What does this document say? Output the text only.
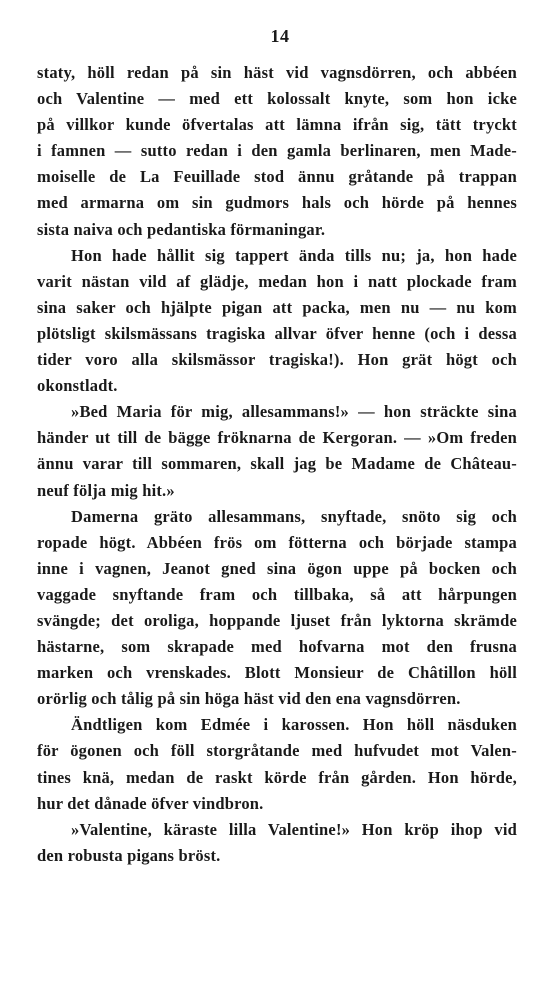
14
staty, höll redan på sin häst vid vagnsdörren, och abbéen
och Valentine — med ett kolossalt knyte, som hon icke
på villkor kunde öfvertalas att lämna ifrån sig, tätt tryckt
i famnen — sutto redan i den gamla berlinaren, men Made-
moiselle de La Feuillade stod ännu gråtande på trappan
med armarna om sin gudmors hals och hörde på hennes
sista naiva och pedantiska förmaningar.
Hon hade hållit sig tappert ända tills nu; ja, hon hade
varit nästan vild af glädje, medan hon i natt plockade fram
sina saker och hjälpte pigan att packa, men nu — nu kom
plötsligt skilsmässans tragiska allvar öfver henne (och i dessa
tider voro alla skilsmässor tragiska!). Hon grät högt och
okonstladt.
»Bed Maria för mig, allesammans!» — hon sträckte sina
händer ut till de bägge fröknarna de Kergoran. — »Om freden
ännu varar till sommaren, skall jag be Madame de Château-
neuf följa mig hit.»
Damerna gräto allesammans, snyftade, snöto sig och
ropade högt. Abbéen frös om fötterna och började stampa
inne i vagnen, Jeanot gned sina ögon uppe på bocken och
vaggade snyftande fram och tillbaka, så att hårpungen
svängde; det oroliga, hoppande ljuset från lyktorna skrämde
hästarne, som skrapade med hofvarna mot den frusna
marken och vrenskades. Blott Monsieur de Châtillon höll
orörlig och tålig på sin höga häst vid den ena vagnsdörren.
Ändtligen kom Edmée i karossen. Hon höll näsduken
för ögonen och föll storgråtande med hufvudet mot Valen-
tines knä, medan de raskt körde från gården. Hon hörde,
hur det dånade öfver vindbron.
»Valentine, käraste lilla Valentine!» Hon kröp ihop vid
den robusta pigans bröst.
